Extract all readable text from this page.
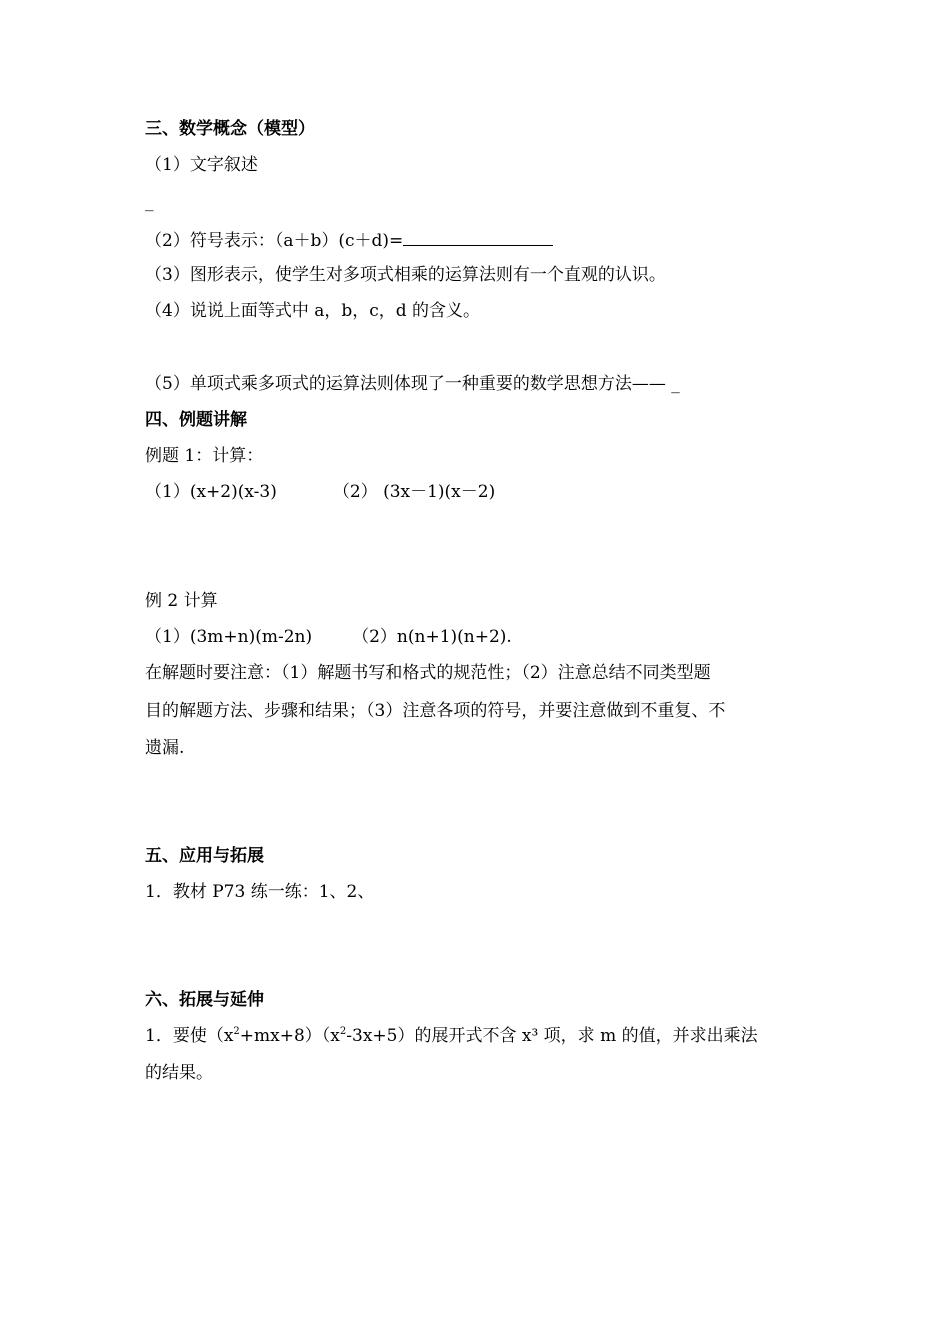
三、数学概念（模型）
（1）文字叙述
_
（2）符号表示：（a＋b）(c＋d)=
（3）图形表示，使学生对多项式相乘的运算法则有一个直观的认识。
（4）说说上面等式中 a，b，c，d 的含义。
（5）单项式乘多项式的运算法则体现了一种重要的数学思想方法—— _
四、例题讲解
例题 1：计算：
（1）(x+2)(x-3)	（2） (3x－1)(x－2)
例 2 计算
（1）(3m+n)(m-2n) （2）n(n+1)(n+2).
在解题时要注意：（1）解题书写和格式的规范性；（2）注意总结不同类型题
目的解题方法、步骤和结果；（3）注意各项的符号，并要注意做到不重复、不
遗漏.
五、应用与拓展
1．教材 P73 练一练：1、2、
六、拓展与延伸
1．要使$(x^2+mx+8)(x^2-3x+5)$的展开式不含 x³ 项，求 m 的值，并求出乘法
的结果。
